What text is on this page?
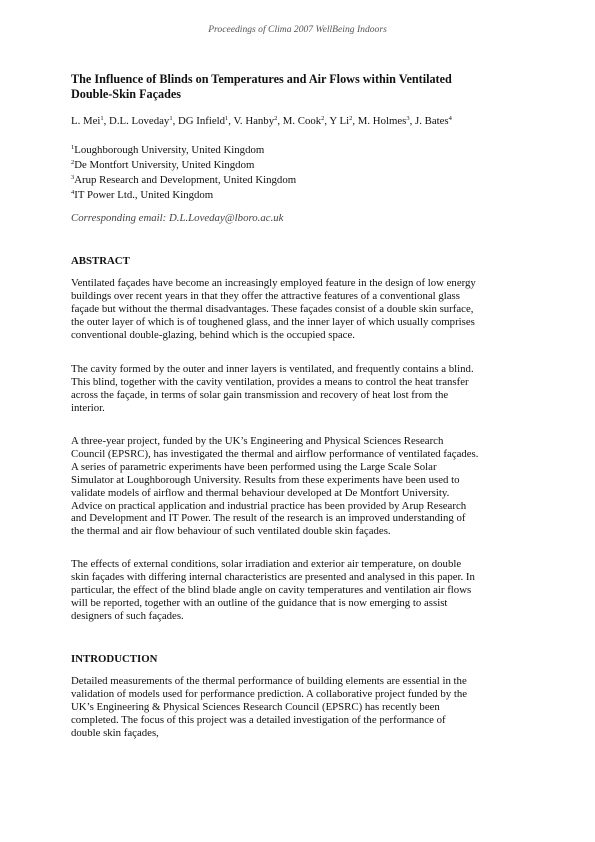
Proceedings of Clima 2007 WellBeing Indoors
The Influence of Blinds on Temperatures and Air Flows within Ventilated
Double-Skin Façades
L. Mei$^1$, D.L. Loveday$^1$, DG Infield$^1$, V. Hanby$^2$, M. Cook$^2$, Y Li$^2$, M. Holmes$^3$, J. Bates$^4$
$^1$Loughborough University, United Kingdom
$^2$De Montfort University, United Kingdom
$^3$Arup Research and Development, United Kingdom
$^4$IT Power Ltd., United Kingdom
Corresponding email: D.L.Loveday@lboro.ac.uk
ABSTRACT
Ventilated façades have become an increasingly employed feature in the design of low energy
buildings over recent years in that they offer the attractive features of a conventional glass
façade but without the thermal disadvantages. These façades consist of a double skin surface,
the outer layer of which is of toughened glass, and the inner layer of which usually comprises
conventional double-glazing, behind which is the occupied space.
The cavity formed by the outer and inner layers is ventilated, and frequently contains a blind.
This blind, together with the cavity ventilation, provides a means to control the heat transfer
across the façade, in terms of solar gain transmission and recovery of heat lost from the
interior.
A three-year project, funded by the UK’s Engineering and Physical Sciences Research
Council (EPSRC), has investigated the thermal and airflow performance of ventilated façades.
A series of parametric experiments have been performed using the Large Scale Solar
Simulator at Loughborough University. Results from these experiments have been used to
validate models of airflow and thermal behaviour developed at De Montfort University.
Advice on practical application and industrial practice has been provided by Arup Research
and Development and IT Power. The result of the research is an improved understanding of
the thermal and air flow behaviour of such ventilated double skin façades.
The effects of external conditions, solar irradiation and exterior air temperature, on double
skin façades with differing internal characteristics are presented and analysed in this paper. In
particular, the effect of the blind blade angle on cavity temperatures and ventilation air flows
will be reported, together with an outline of the guidance that is now emerging to assist
designers of such façades.
INTRODUCTION
Detailed measurements of the thermal performance of building elements are essential in the
validation of models used for performance prediction. A collaborative project funded by the
UK’s Engineering & Physical Sciences Research Council (EPSRC) has recently been
completed. The focus of this project was a detailed investigation of the performance of
double skin façades,
